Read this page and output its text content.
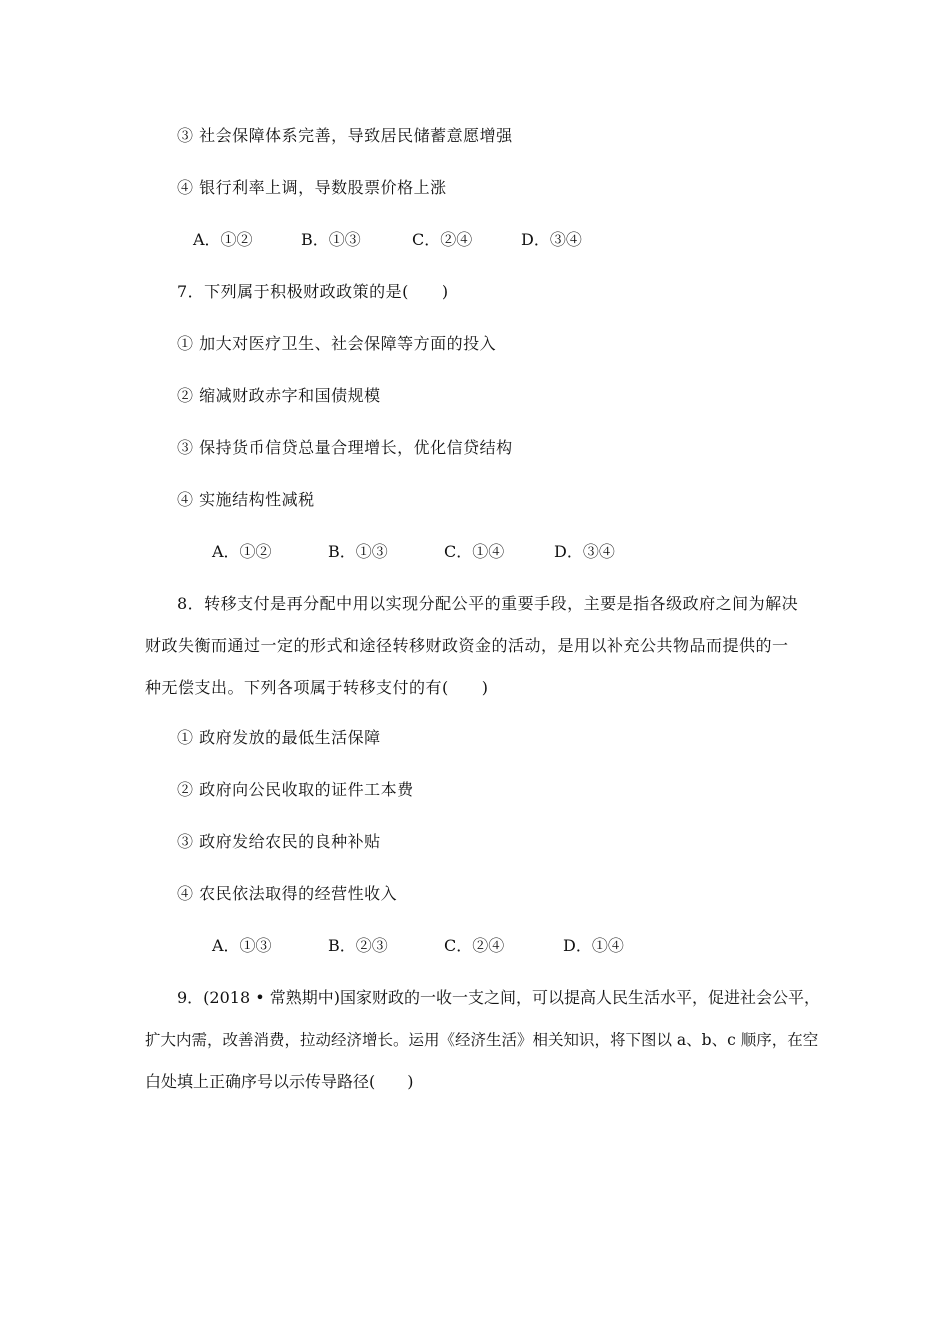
③ 社会保障体系完善，导致居民储蓄意愿增强
④ 银行利率上调，导数股票价格上涨
A．①②	B．①③	C．②④	D．③④
7．下列属于积极财政政策的是(　　)
① 加大对医疗卫生、社会保障等方面的投入
② 缩减财政赤字和国债规模
③ 保持货币信贷总量合理增长，优化信贷结构
④ 实施结构性减税
A．①②	B．①③	C．①④	D．③④
8．转移支付是再分配中用以实现分配公平的重要手段，主要是指各级政府之间为解决
财政失衡而通过一定的形式和途径转移财政资金的活动，是用以补充公共物品而提供的一
种无偿支出。下列各项属于转移支付的有(　　)
① 政府发放的最低生活保障
② 政府向公民收取的证件工本费
③ 政府发给农民的良种补贴
④ 农民依法取得的经营性收入
A．①③	B．②③	C．②④	D．①④
9．(2018 • 常熟期中)国家财政的一收一支之间，可以提高人民生活水平，促进社会公平，
扩大内需，改善消费，拉动经济增长。运用《经济生活》相关知识，将下图以 a、b、c 顺序，在空
白处填上正确序号以示传导路径(　　)
